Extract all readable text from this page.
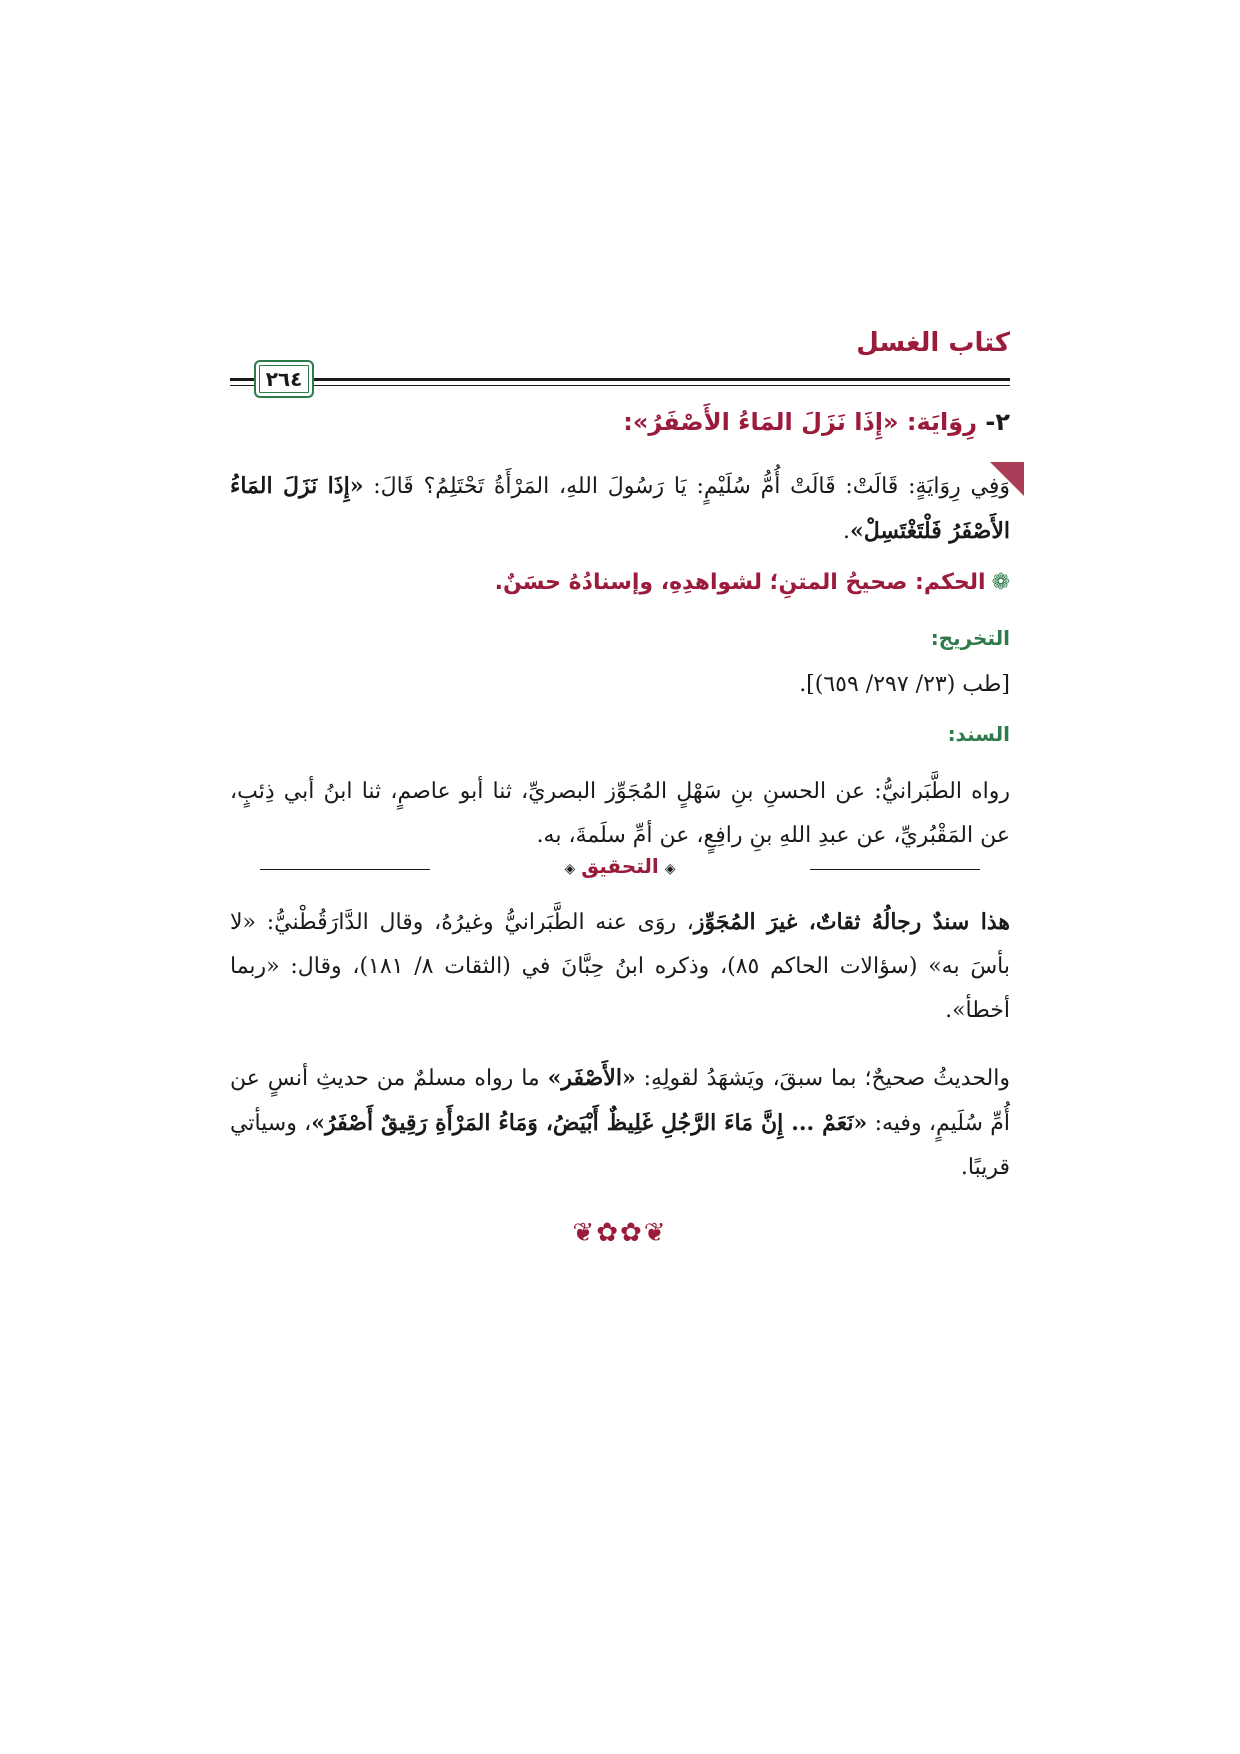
كتاب الغسل
٢٦٤
٢- رِوَايَة: «إِذَا نَزَلَ المَاءُ الأَصْفَرُ»:
وَفِي رِوَايَةٍ: قَالَتْ: قَالَتْ أُمُّ سُلَيْمٍ: يَا رَسُولَ اللهِ، المَرْأَةُ تَحْتَلِمُ؟ قَالَ: «إِذَا نَزَلَ المَاءُ الأَصْفَرُ فَلْتَغْتَسِلْ».
❁الحكم: صحيحُ المتنِ؛ لشواهدِهِ، وإسنادُهُ حسَنٌ.
التخريج:
[طب (٢٣/ ٢٩٧/ ٦٥٩)].
السند:
رواه الطَّبَرانيُّ: عن الحسنِ بنِ سَهْلٍ المُجَوِّز البصريِّ، ثنا أبو عاصمٍ، ثنا ابنُ أبي ذِئبٍ، عن المَقْبُريِّ، عن عبدِ اللهِ بنِ رافِعٍ، عن أمِّ سلَمةَ، به.
◈التحقيق◈
هذا سندٌ رجالُهُ ثقاتٌ، غيرَ المُجَوِّز، روَى عنه الطَّبَرانيُّ وغيرُهُ، وقال الدَّارَقُطْنيُّ: «لا بأسَ به» (سؤالات الحاكم ٨٥)، وذكره ابنُ حِبَّانَ في (الثقات ٨/ ١٨١)، وقال: «ربما أخطأ».
والحديثُ صحيحٌ؛ بما سبقَ، ويَشهَدُ لقولِهِ: «الأَصْفَر» ما رواه مسلمٌ من حديثِ أنسٍ عن أُمِّ سُلَيمٍ، وفيه: «نَعَمْ ... إِنَّ مَاءَ الرَّجُلِ غَلِيظٌ أَبْيَضُ، وَمَاءُ المَرْأَةِ رَقِيقٌ أَصْفَرُ»، وسيأتي قريبًا.
❦✿✿❦
